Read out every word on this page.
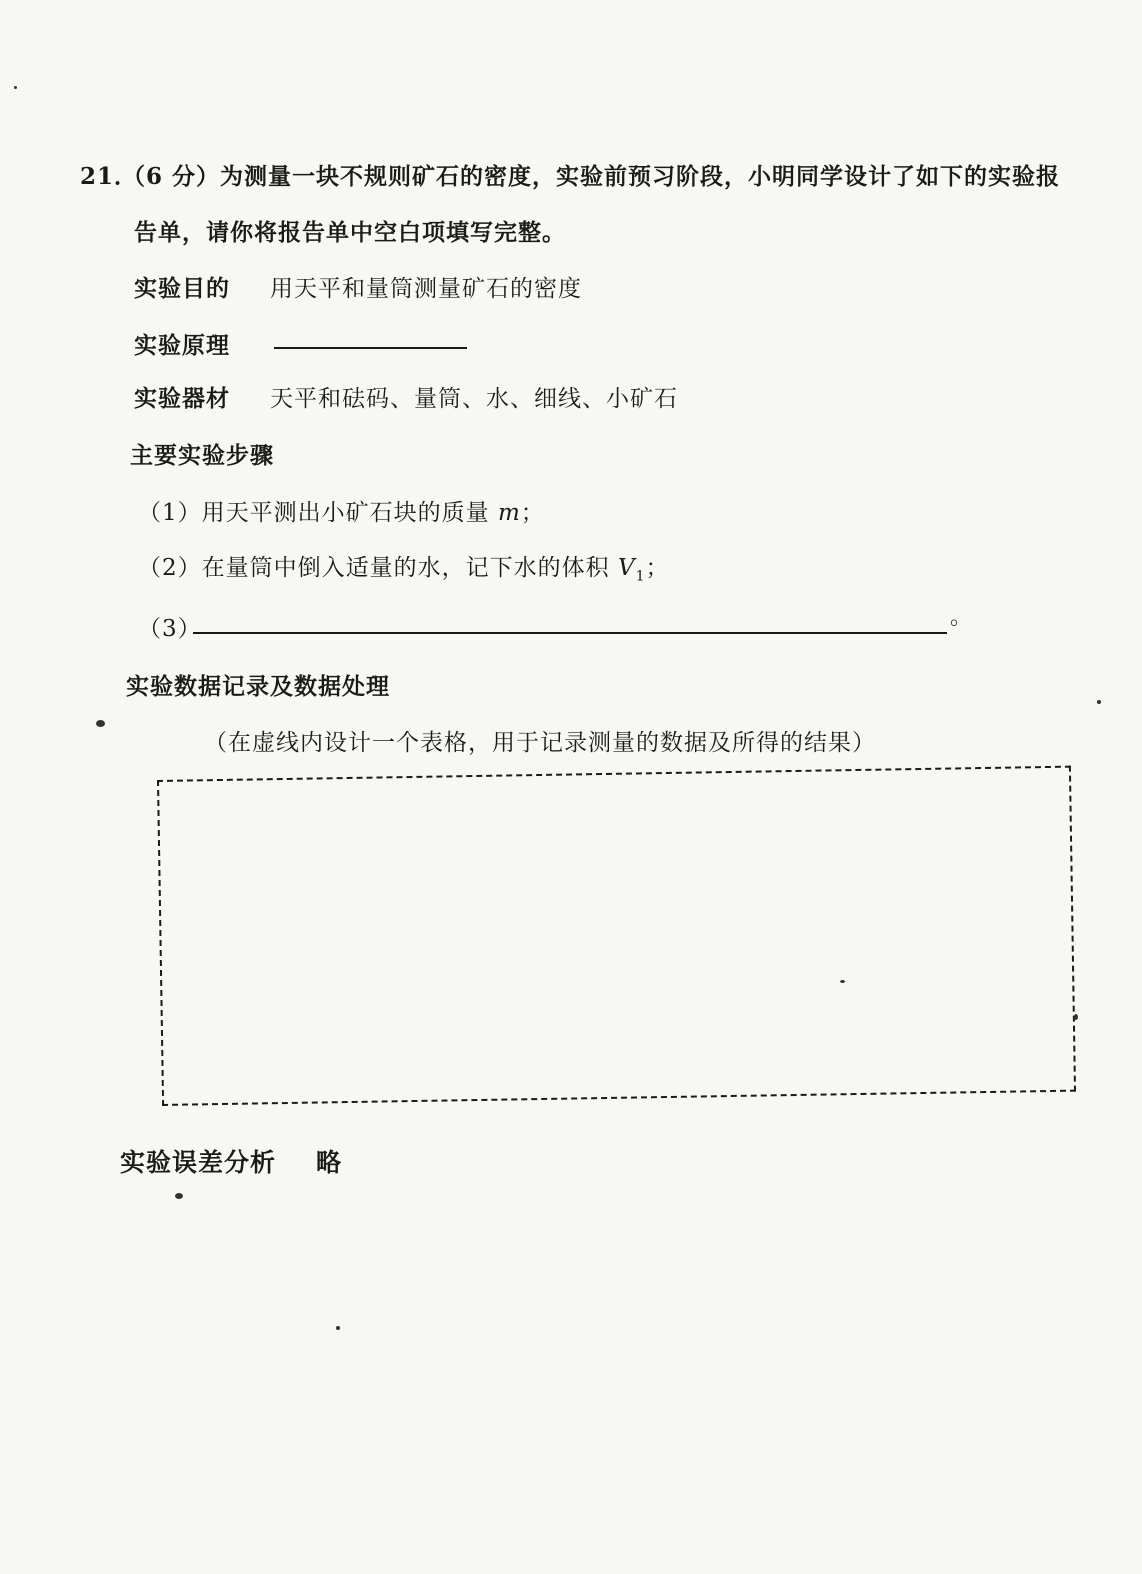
21．
（6 分）为测量一块不规则矿石的密度，实验前预习阶段，小明同学设计了如下的实验报
告单，请你将报告单中空白项填写完整。
实验目的 用天平和量筒测量矿石的密度
实验原理
实验器材 天平和砝码、量筒、水、细线、小矿石
主要实验步骤
（1）用天平测出小矿石块的质量 m；
（2）在量筒中倒入适量的水，记下水的体积 $V_1$；
（3）	。
实验数据记录及数据处理
（在虚线内设计一个表格，用于记录测量的数据及所得的结果）
实验误差分析 略
